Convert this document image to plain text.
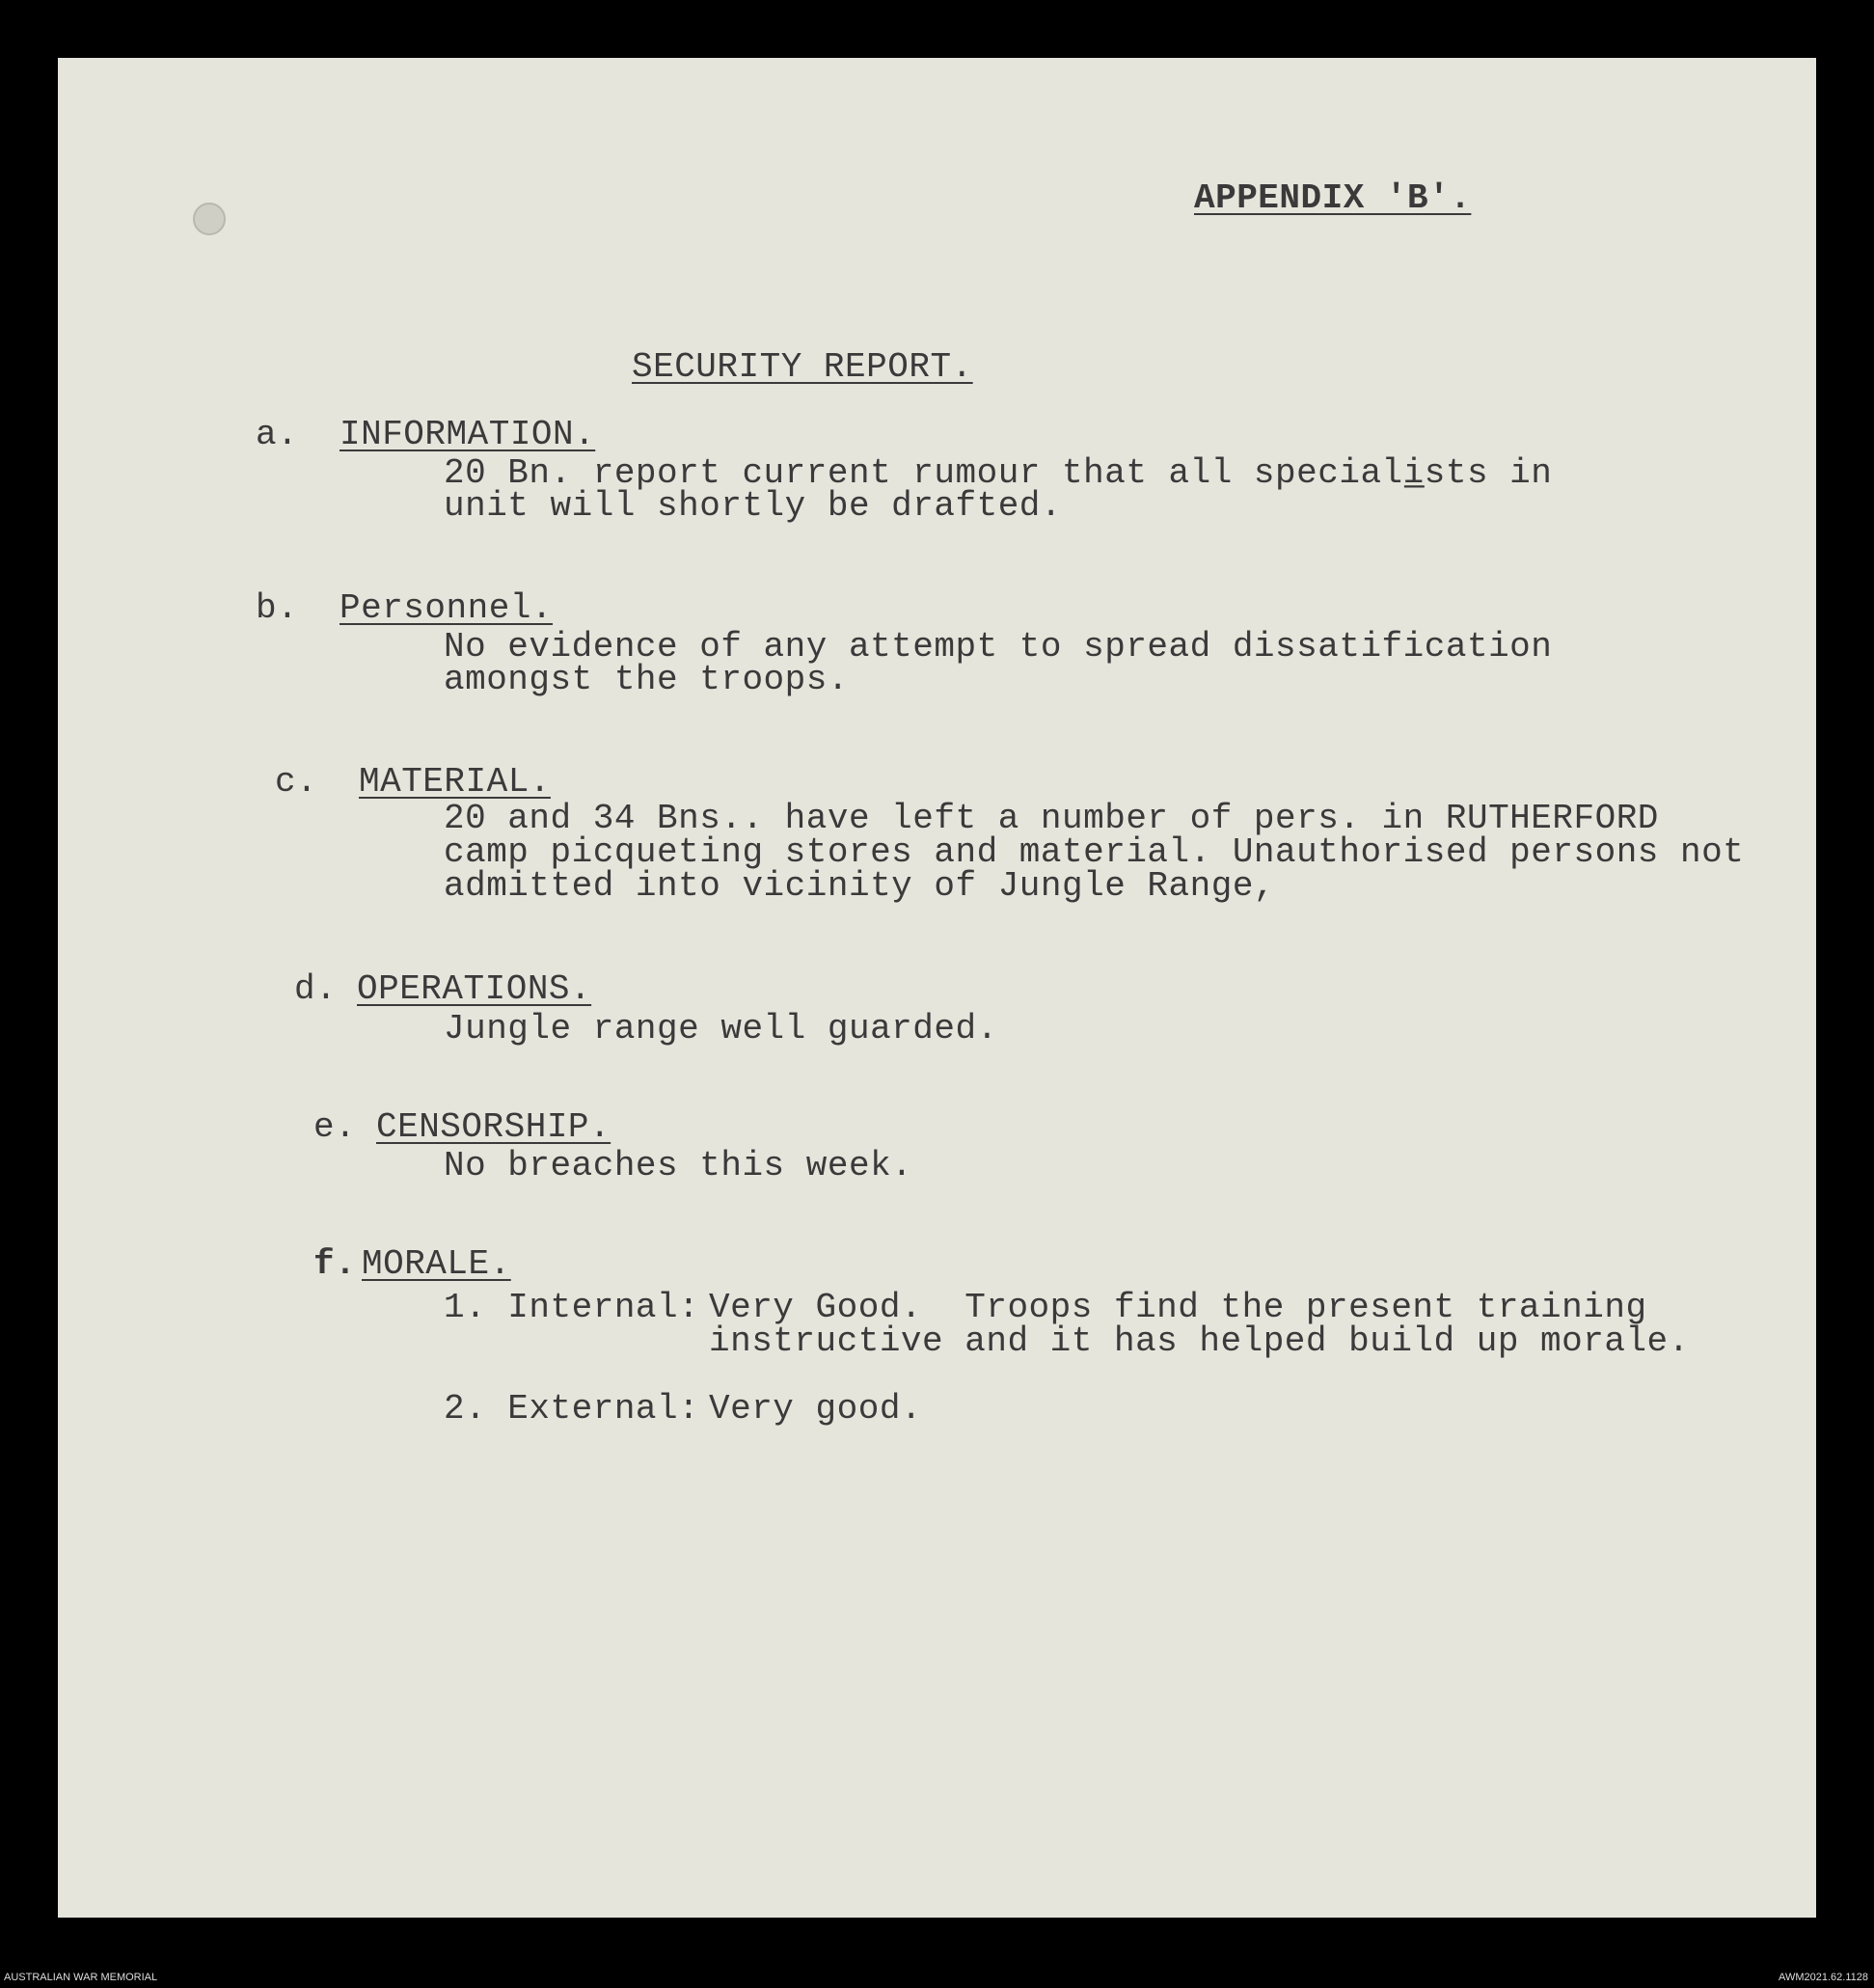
APPENDIX 'B'.
SECURITY REPORT.
a. INFORMATION.
20 Bn. report current rumour that all speciali̲sts in
unit will shortly be drafted.
b. Personnel.
No evidence of any attempt to spread dissatification
amongst the troops.
c. MATERIAL.
20 and 34 Bns.. have left a number of pers. in RUTHERFORD
camp picqueting stores and material. Unauthorised persons not
admitted into vicinity of Jungle Range,
d. OPERATIONS.
Jungle range well guarded.
e. CENSORSHIP.
No breaches this week.
f. MORALE.
1. Internal: Very Good.  Troops find the present training
instructive and it has helped build up morale.
2. External: Very good.
AUSTRALIAN WAR MEMORIAL	AWM2021.62.1128
